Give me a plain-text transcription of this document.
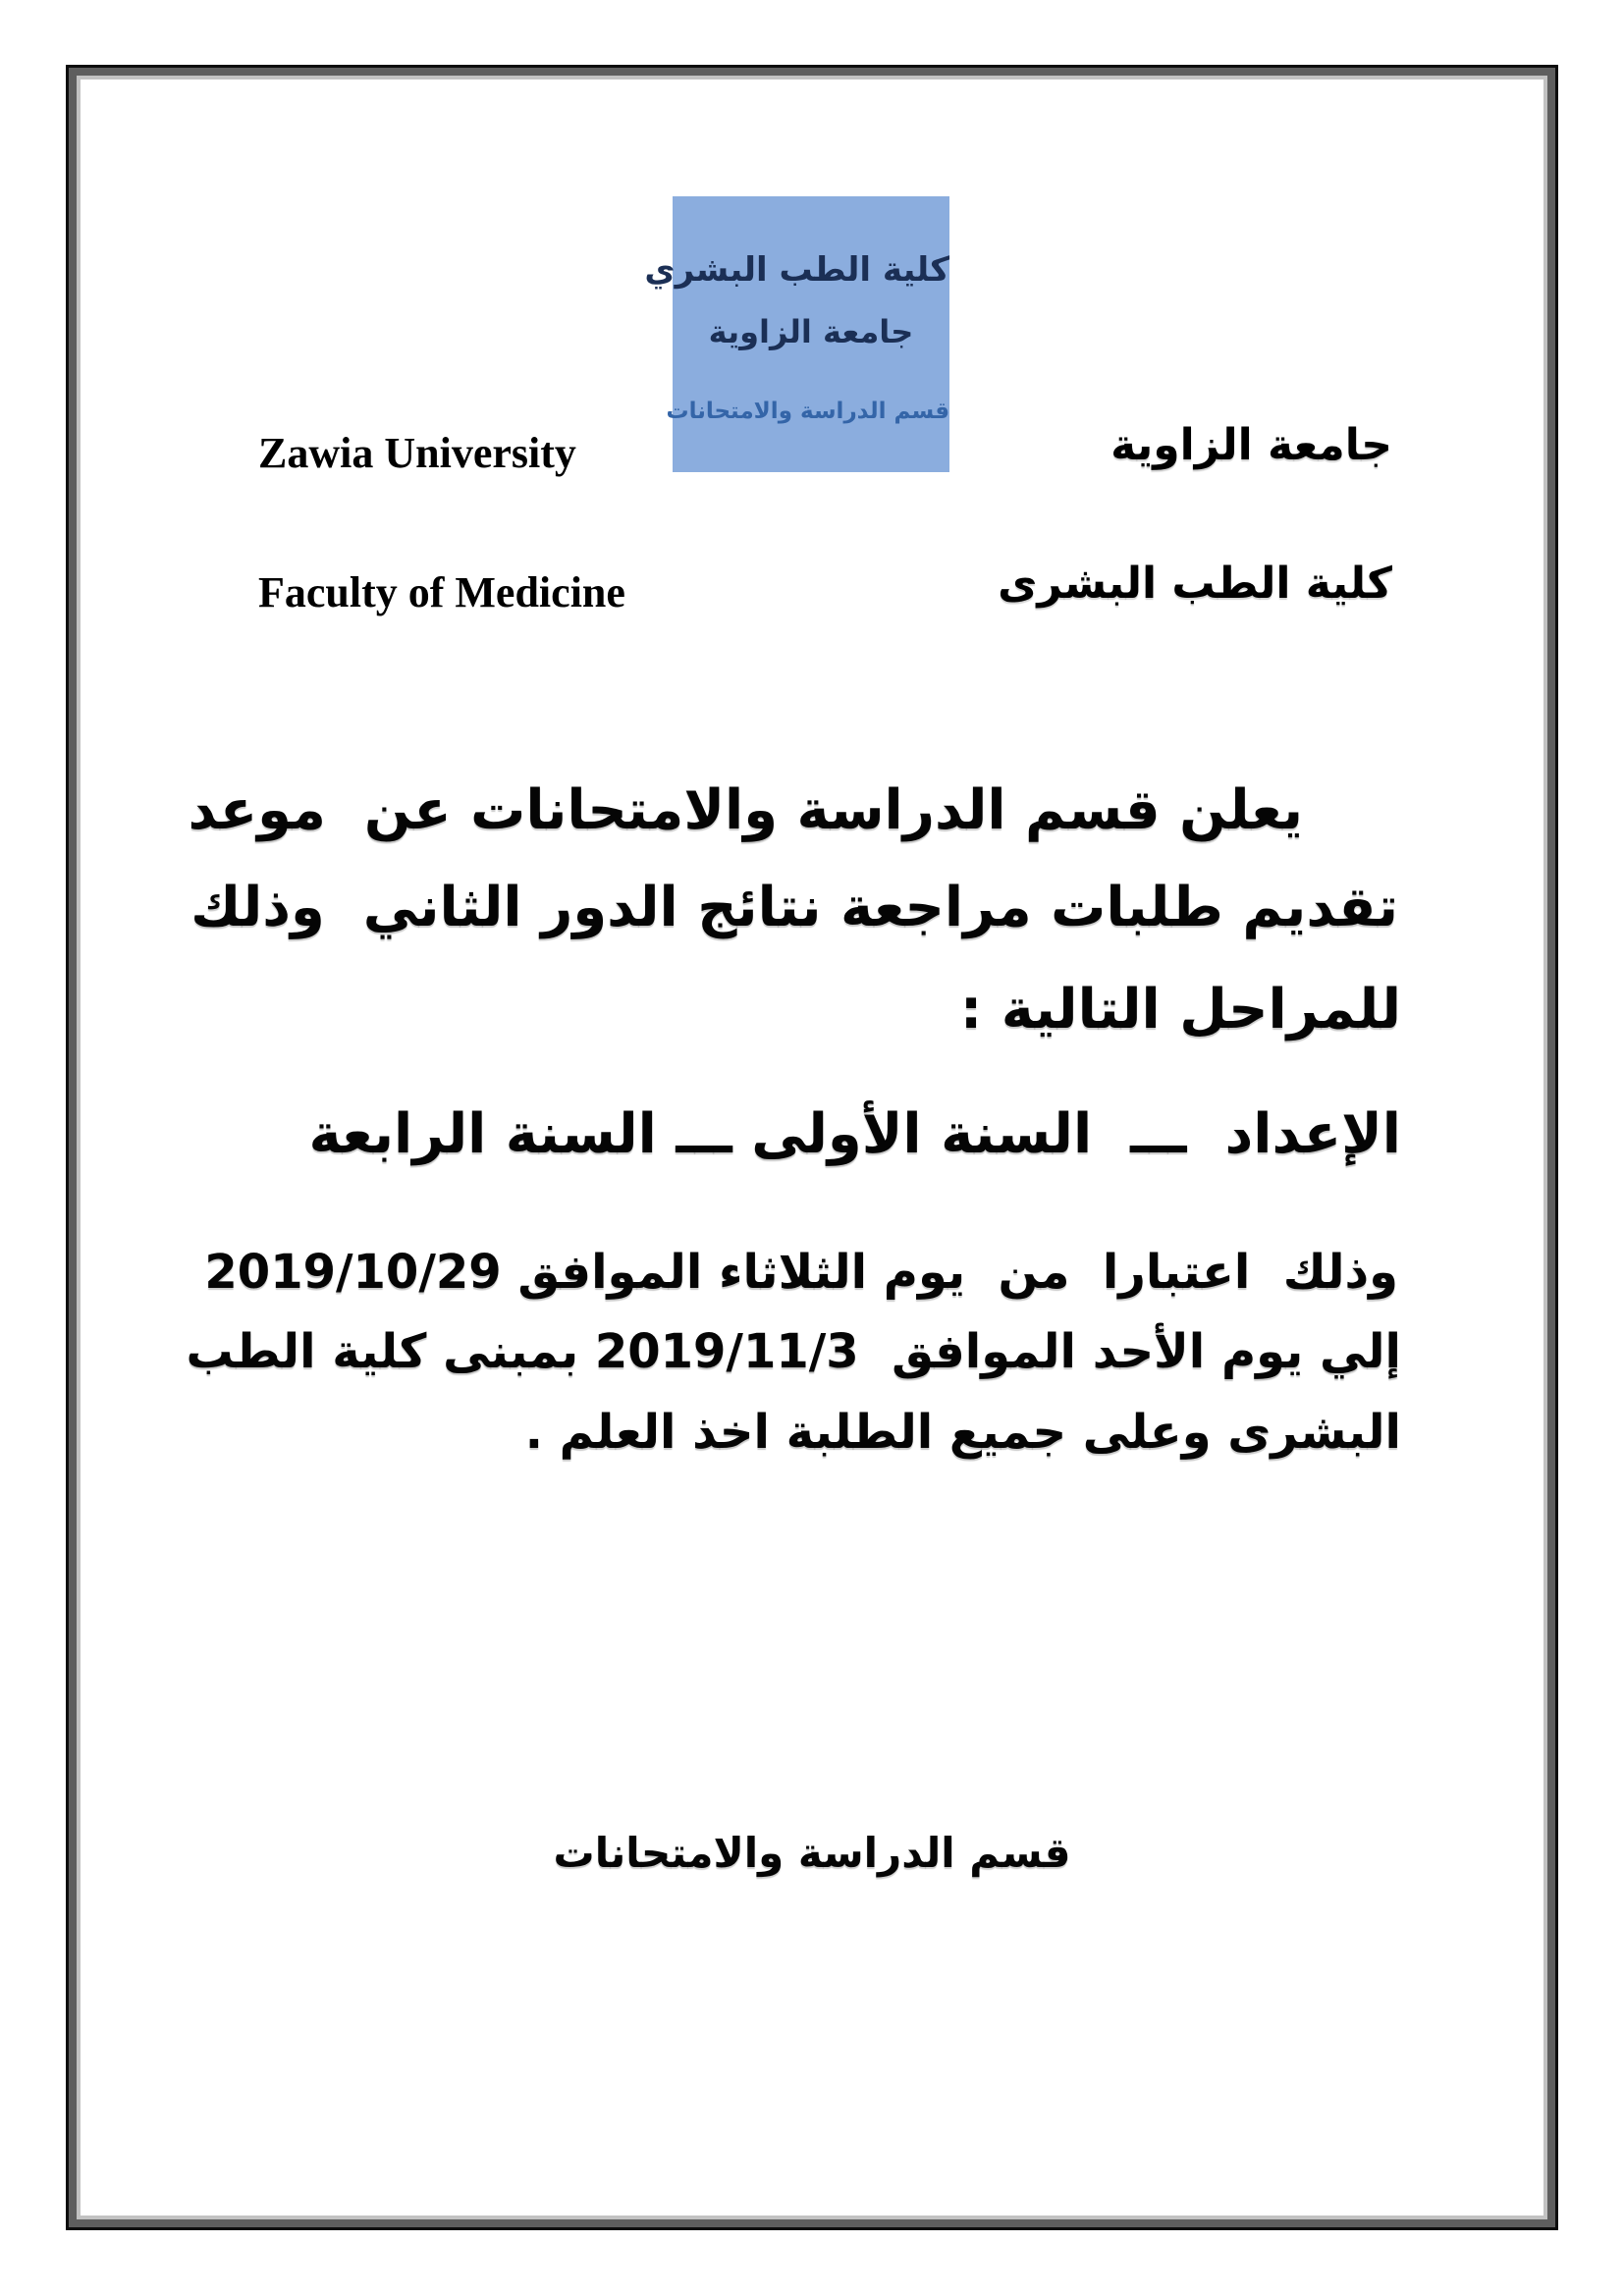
كلية الطب البشري
جامعة الزاوية
قسم الدراسة والامتحانات
Zawia University	جامعة الزاوية
Faculty of Medicine	كلية الطب البشرى
يعلن قسم الدراسة والامتحانات عن  موعد
تقديم طلبات مراجعة نتائج الدور الثاني  وذلك
للمراحل التالية :
الإعداد  ـــ  السنة الأولى ـــ السنة الرابعة
وذلك  اعتبارا  من  يوم الثلاثاء الموافق 2019/10/29
إلي يوم الأحد الموافق  2019/11/3 بمبنى كلية الطب
البشرى وعلى جميع الطلبة اخذ العلم .
قسم الدراسة والامتحانات
